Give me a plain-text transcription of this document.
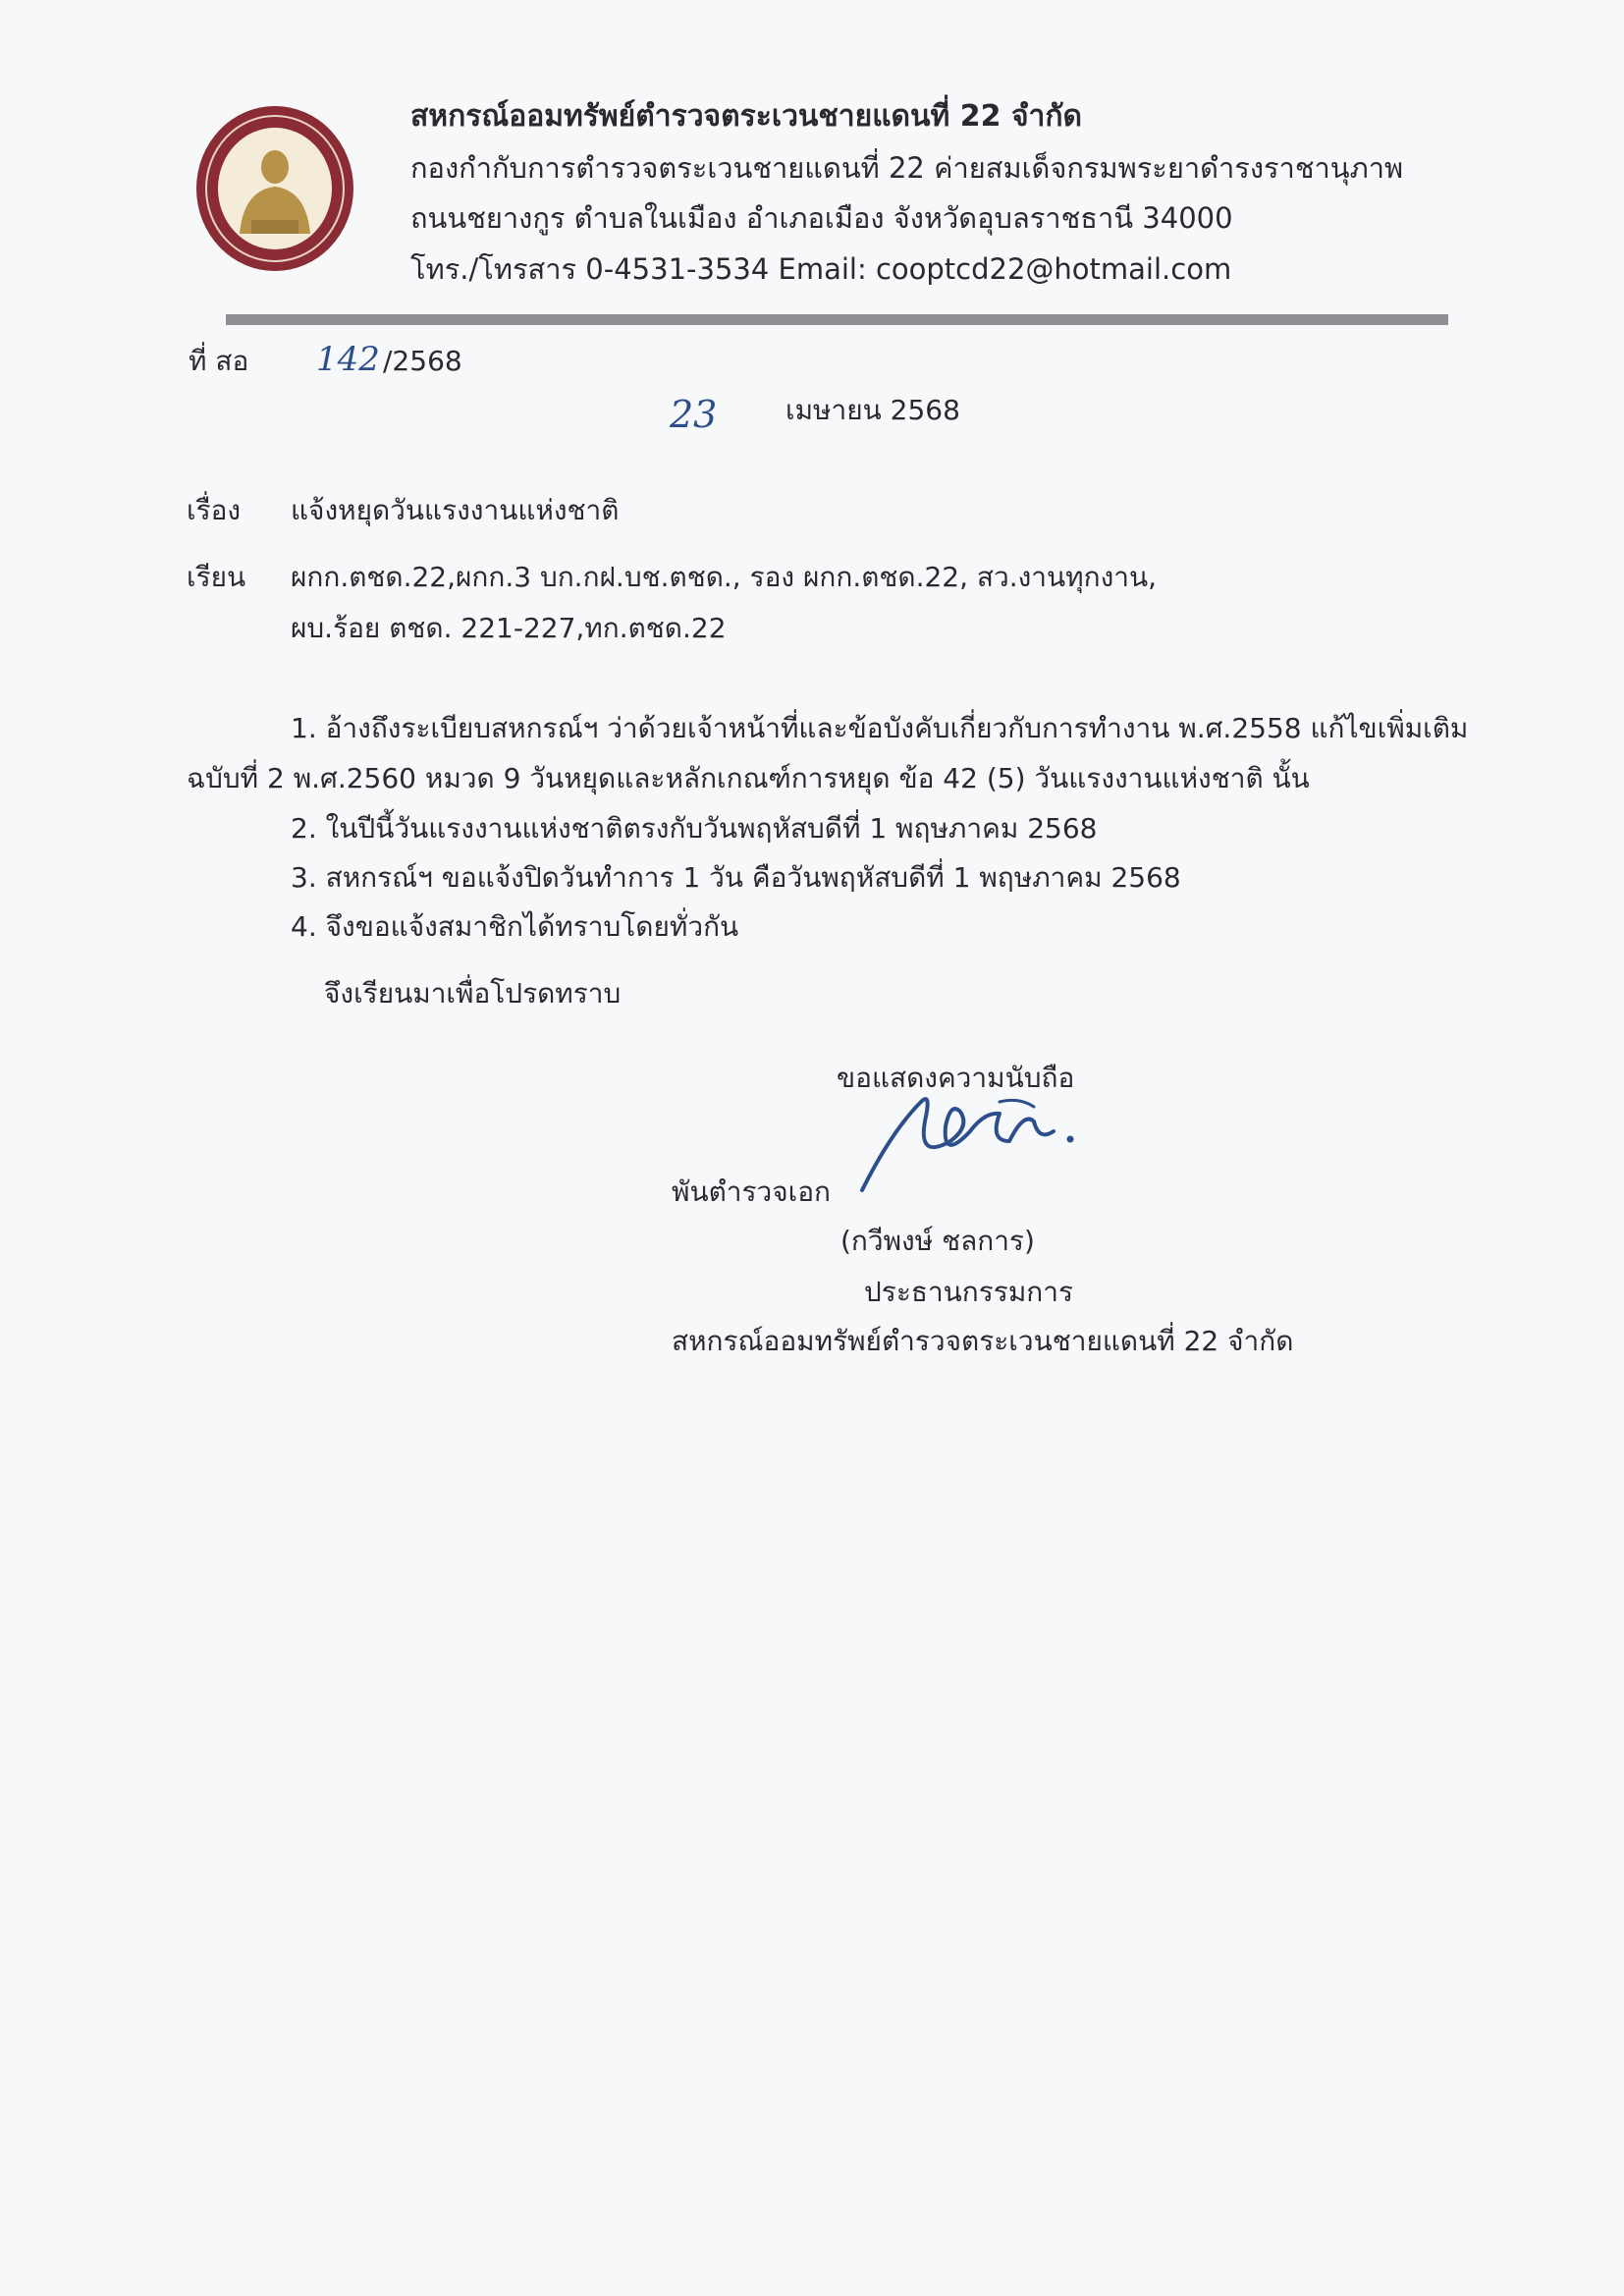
สหกรณ์ออมทรัพย์ตำรวจตระเวนชายแดนที่ 22 จำกัด
กองกำกับการตำรวจตระเวนชายแดนที่ 22 ค่ายสมเด็จกรมพระยาดำรงราชานุภาพ
ถนนชยางกูร ตำบลในเมือง อำเภอเมือง จังหวัดอุบลราชธานี 34000
โทร./โทรสาร 0-4531-3534 Email: cooptcd22@hotmail.com
ที่ สอ 142 /2568
23 เมษายน 2568
เรื่อง แจ้งหยุดวันแรงงานแห่งชาติ
เรียน ผกก.ตชด.22,ผกก.3 บก.กฝ.บช.ตชด., รอง ผกก.ตชด.22, สว.งานทุกงาน,
ผบ.ร้อย ตชด. 221-227,ทก.ตชด.22
1. อ้างถึงระเบียบสหกรณ์ฯ ว่าด้วยเจ้าหน้าที่และข้อบังคับเกี่ยวกับการทำงาน พ.ศ.2558 แก้ไขเพิ่มเติม
ฉบับที่ 2 พ.ศ.2560 หมวด 9 วันหยุดและหลักเกณฑ์การหยุด ข้อ 42 (5) วันแรงงานแห่งชาติ นั้น
2. ในปีนี้วันแรงงานแห่งชาติตรงกับวันพฤหัสบดีที่ 1 พฤษภาคม 2568
3. สหกรณ์ฯ ขอแจ้งปิดวันทำการ 1 วัน คือวันพฤหัสบดีที่ 1 พฤษภาคม 2568
4. จึงขอแจ้งสมาชิกได้ทราบโดยทั่วกัน
จึงเรียนมาเพื่อโปรดทราบ
ขอแสดงความนับถือ
พันตำรวจเอก
(กวีพงษ์ ชลการ)
ประธานกรรมการ
สหกรณ์ออมทรัพย์ตำรวจตระเวนชายแดนที่ 22 จำกัด
